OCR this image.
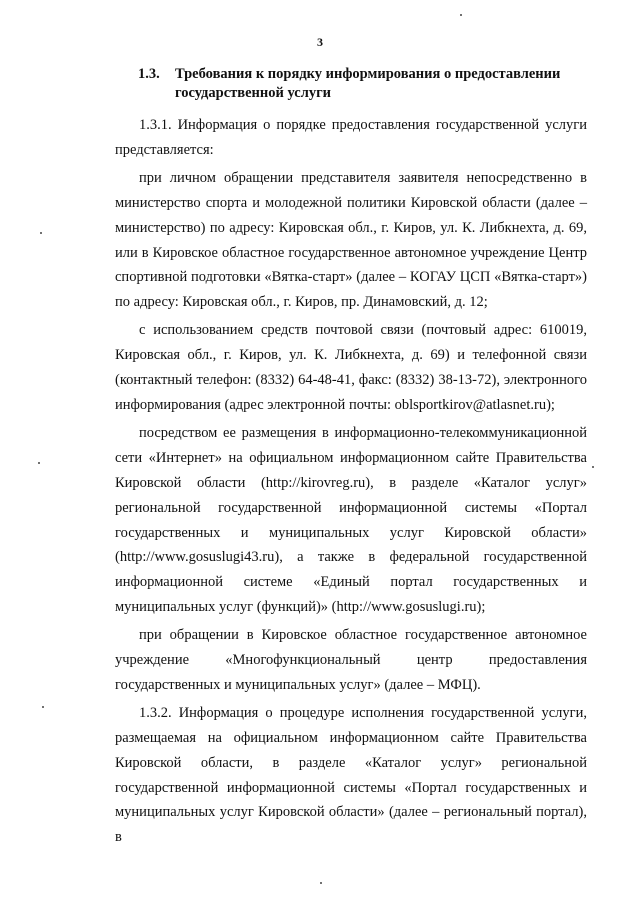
3
1.3. Требования к порядку информирования о предоставлении государственной услуги

1.3.1. Информация о порядке предоставления государственной услуги представляется:

при личном обращении представителя заявителя непосредственно в министерство спорта и молодежной политики Кировской области (далее – министерство) по адресу: Кировская обл., г. Киров, ул. К. Либкнехта, д. 69, или в Кировское областное государственное автономное учреждение Центр спортивной подготовки «Вятка-старт» (далее – КОГАУ ЦСП «Вятка-старт») по адресу: Кировская обл., г. Киров, пр. Динамовский, д. 12;

с использованием средств почтовой связи (почтовый адрес: 610019, Кировская обл., г. Киров, ул. К. Либкнехта, д. 69) и телефонной связи (контактный телефон: (8332) 64-48-41, факс: (8332) 38-13-72), электронного информирования (адрес электронной почты: oblsportkirov@atlasnet.ru);

посредством ее размещения в информационно-телекоммуникационной сети «Интернет» на официальном информационном сайте Правительства Кировской области (http://kirovreg.ru), в разделе «Каталог услуг» региональной государственной информационной системы «Портал государственных и муниципальных услуг Кировской области» (http://www.gosuslugi43.ru), а также в федеральной государственной информационной системе «Единый портал государственных и муниципальных услуг (функций)» (http://www.gosuslugi.ru);

при обращении в Кировское областное государственное автономное учреждение «Многофункциональный центр предоставления государственных и муниципальных услуг» (далее – МФЦ).

1.3.2. Информация о процедуре исполнения государственной услуги, размещаемая на официальном информационном сайте Правительства Кировской области, в разделе «Каталог услуг» региональной государственной информационной системы «Портал государственных и муниципальных услуг Кировской области» (далее – региональный портал), в
